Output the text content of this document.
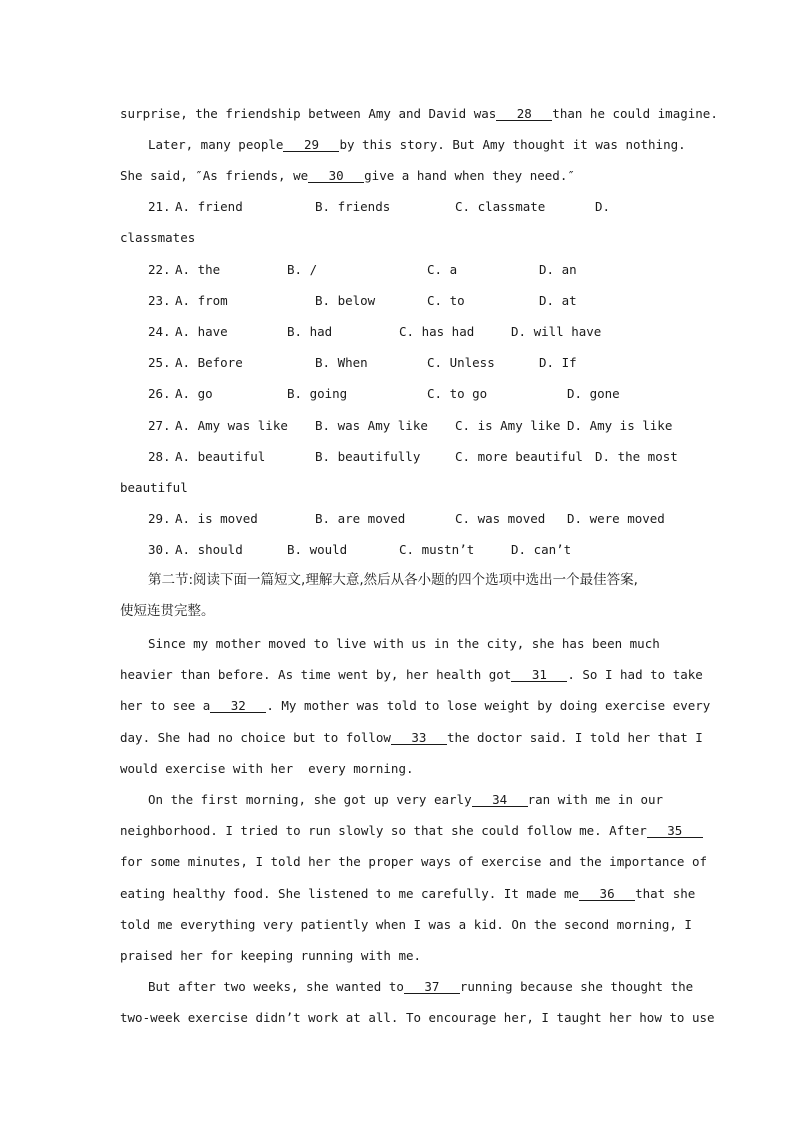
surprise, the friendship between Amy and David was 28 than he could imagine.
Later, many people 29 by this story. But Amy thought it was nothing.
She said, ″As friends, we 30 give a hand when they need.″
21. A. friend	B. friends	C. classmate	D.
classmates
22. A. the	B. /	C. a	D. an
23. A. from	B. below	C. to	D. at
24. A. have	B. had	C. has had	D. will have
25. A. Before	B. When	C. Unless	D. If
26. A. go	B. going	C. to go	D. gone
27. A. Amy was like B. was Amy like C. is Amy like D. Amy is like
28. A. beautiful	B. beautifully	C. more beautiful D. the most
beautiful
29. A. is moved	B. are moved	C. was moved D. were moved
30. A. should	B. would	C. mustn’t	D. can’t
第二节:阅读下面一篇短文,理解大意,然后从各小题的四个选项中选出一个最佳答案,
使短连贯完整。
Since my mother moved to live with us in the city, she has been much
heavier than before. As time went by, her health got 31 . So I had to take
her to see a 32 . My mother was told to lose weight by doing exercise every
day. She had no choice but to follow 33 the doctor said. I told her that I
would exercise with her  every morning.
On the first morning, she got up very early 34 ran with me in our
neighborhood. I tried to run slowly so that she could follow me. After 35
for some minutes, I told her the proper ways of exercise and the importance of
eating healthy food. She listened to me carefully. It made me 36 that she
told me everything very patiently when I was a kid. On the second morning, I
praised her for keeping running with me.
But after two weeks, she wanted to 37 running because she thought the
two-week exercise didn’t work at all. To encourage her, I taught her how to use
